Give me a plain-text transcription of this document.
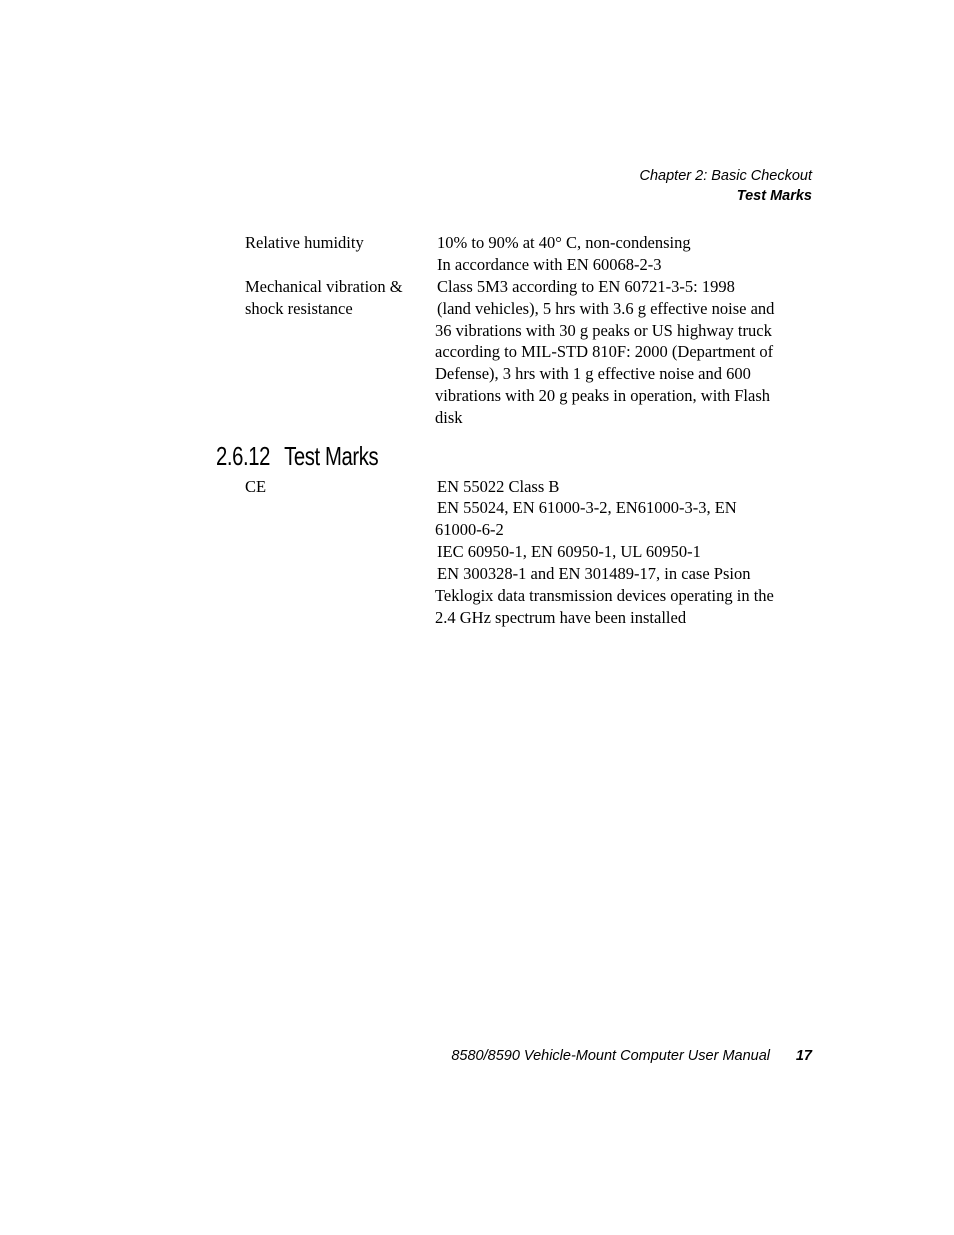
Chapter 2: Basic Checkout
Test Marks
Relative humidity	10% to 90% at 40° C, non-condensing
In accordance with EN 60068-2-3
Mechanical vibration &
shock resistance
Class 5M3 according to EN 60721-3-5: 1998
(land vehicles), 5 hrs with 3.6 g effective noise and
36 vibrations with 30 g peaks or US highway truck
according to MIL-STD 810F: 2000 (Department of
Defense), 3 hrs with 1 g effective noise and 600
vibrations with 20 g peaks in operation, with Flash
disk
2.6.12 Test Marks
CE	EN 55022 Class B
EN 55024, EN 61000-3-2, EN61000-3-3, EN
61000-6-2
IEC 60950-1, EN 60950-1, UL 60950-1
EN 300328-1 and EN 301489-17, in case Psion
Teklogix data transmission devices operating in the
2.4 GHz spectrum have been installed
8580/8590 Vehicle-Mount Computer User Manual 17
